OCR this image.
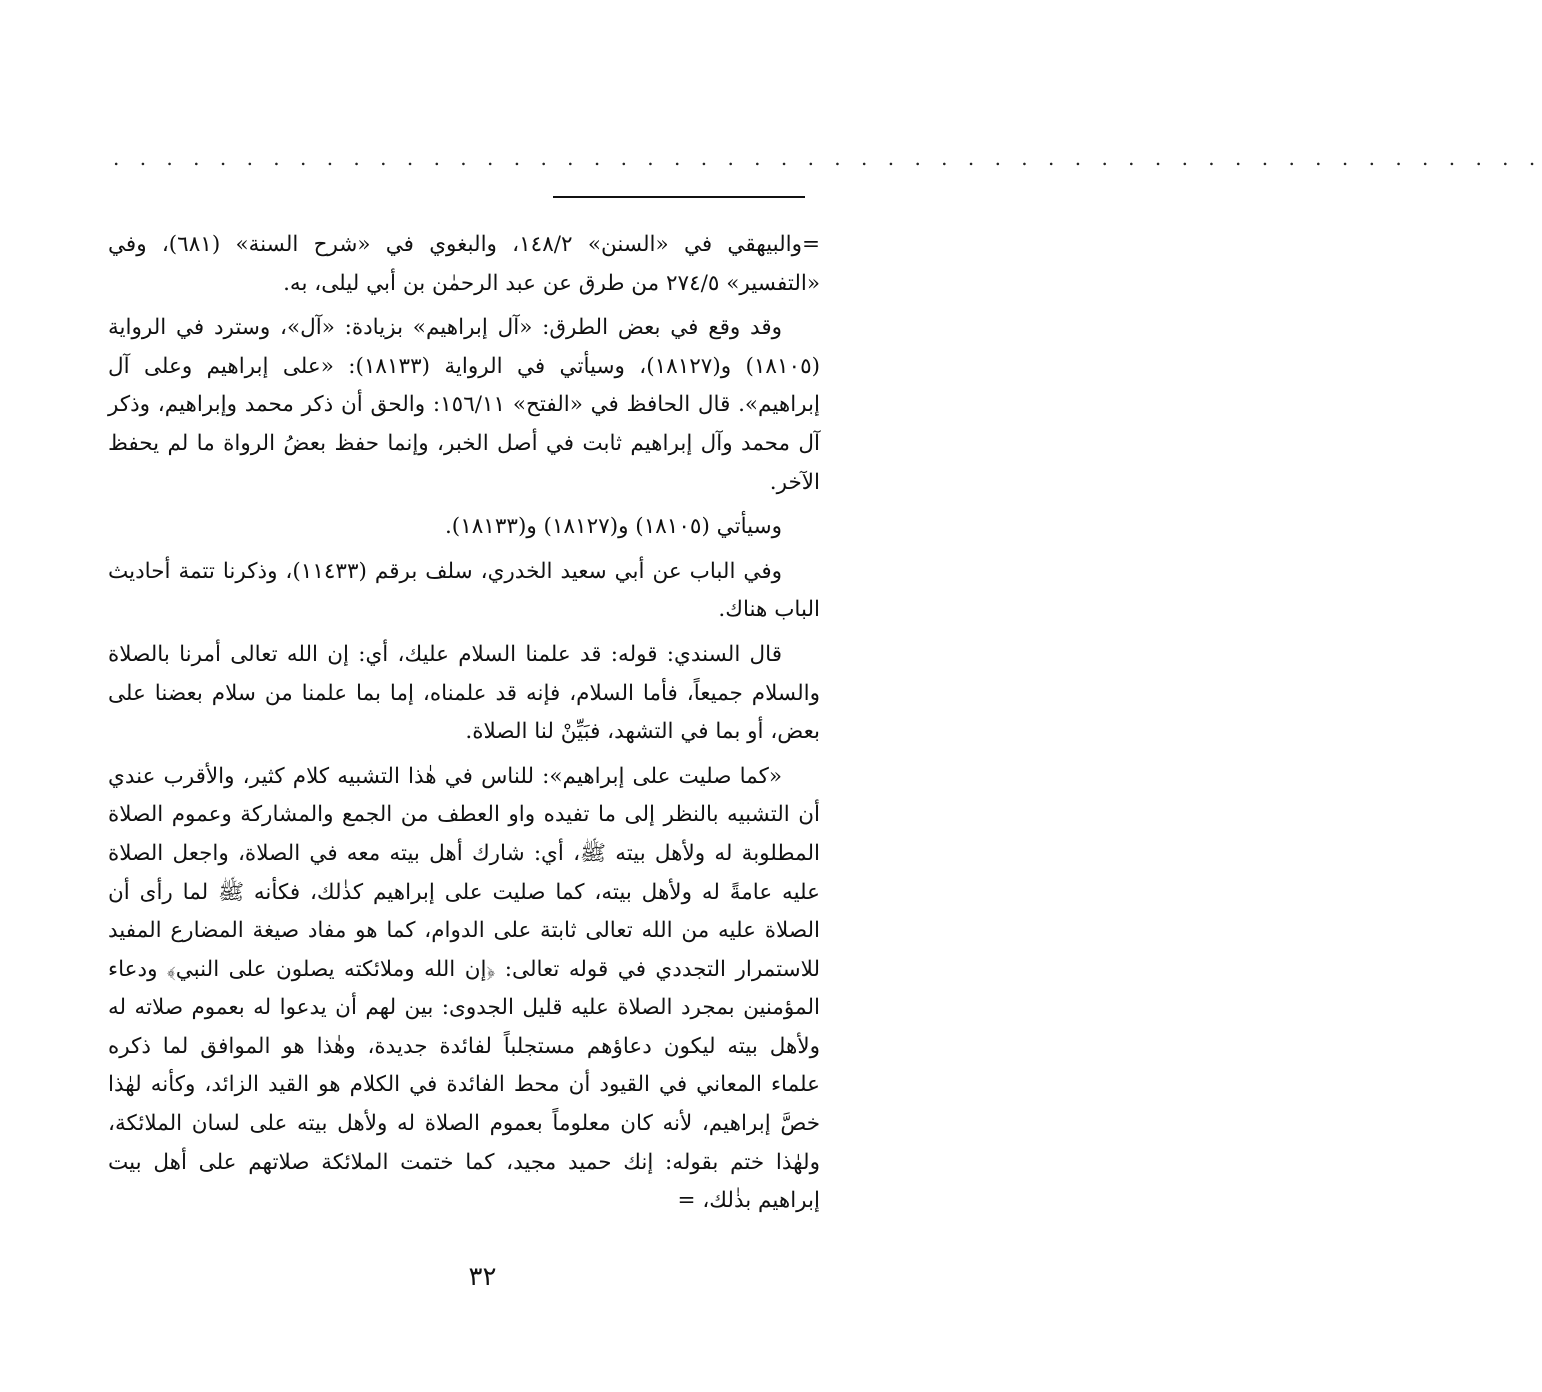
. . . . . . . . . . . . . . . . . . . . . . . . . . . . . . . . . . . . . . . . . . . . . . . . . . . . . .

=والبيهقي في «السنن» ١٤٨/٢، والبغوي في «شرح السنة» (٦٨١)، وفي «التفسير» ٢٧٤/٥ من طرق عن عبد الرحمٰن بن أبي ليلى، به.

وقد وقع في بعض الطرق: «آل إبراهيم» بزيادة: «آل»، وسترد في الرواية (١٨١٠٥) و(١٨١٢٧)، وسيأتي في الرواية (١٨١٣٣): «على إبراهيم وعلى آل إبراهيم». قال الحافظ في «الفتح» ١٥٦/١١: والحق أن ذكر محمد وإبراهيم، وذكر آل محمد وآل إبراهيم ثابت في أصل الخبر، وإنما حفظ بعضُ الرواة ما لم يحفظ الآخر.

وسيأتي (١٨١٠٥) و(١٨١٢٧) و(١٨١٣٣).

وفي الباب عن أبي سعيد الخدري، سلف برقم (١١٤٣٣)، وذكرنا تتمة أحاديث الباب هناك.

قال السندي: قوله: قد علمنا السلام عليك، أي: إن الله تعالى أمرنا بالصلاة والسلام جميعاً، فأما السلام، فإنه قد علمناه، إما بما علمنا من سلام بعضنا على بعض، أو بما في التشهد، فبَيِّنْ لنا الصلاة.

«كما صليت على إبراهيم»: للناس في هٰذا التشبيه كلام كثير، والأقرب عندي أن التشبيه بالنظر إلى ما تفيده واو العطف من الجمع والمشاركة وعموم الصلاة المطلوبة له ولأهل بيته ﷺ، أي: شارك أهل بيته معه في الصلاة، واجعل الصلاة عليه عامةً له ولأهل بيته، كما صليت على إبراهيم كذٰلك، فكأنه ﷺ لما رأى أن الصلاة عليه من الله تعالى ثابتة على الدوام، كما هو مفاد صيغة المضارع المفيد للاستمرار التجددي في قوله تعالى: ﴿إن الله وملائكته يصلون على النبي﴾ ودعاء المؤمنين بمجرد الصلاة عليه قليل الجدوى: بين لهم أن يدعوا له بعموم صلاته له ولأهل بيته ليكون دعاؤهم مستجلباً لفائدة جديدة، وهٰذا هو الموافق لما ذكره علماء المعاني في القيود أن محط الفائدة في الكلام هو القيد الزائد، وكأنه لهٰذا خصَّ إبراهيم، لأنه كان معلوماً بعموم الصلاة له ولأهل بيته على لسان الملائكة، ولهٰذا ختم بقوله: إنك حميد مجيد، كما ختمت الملائكة صلاتهم على أهل بيت إبراهيم بذٰلك، =

٣٢
